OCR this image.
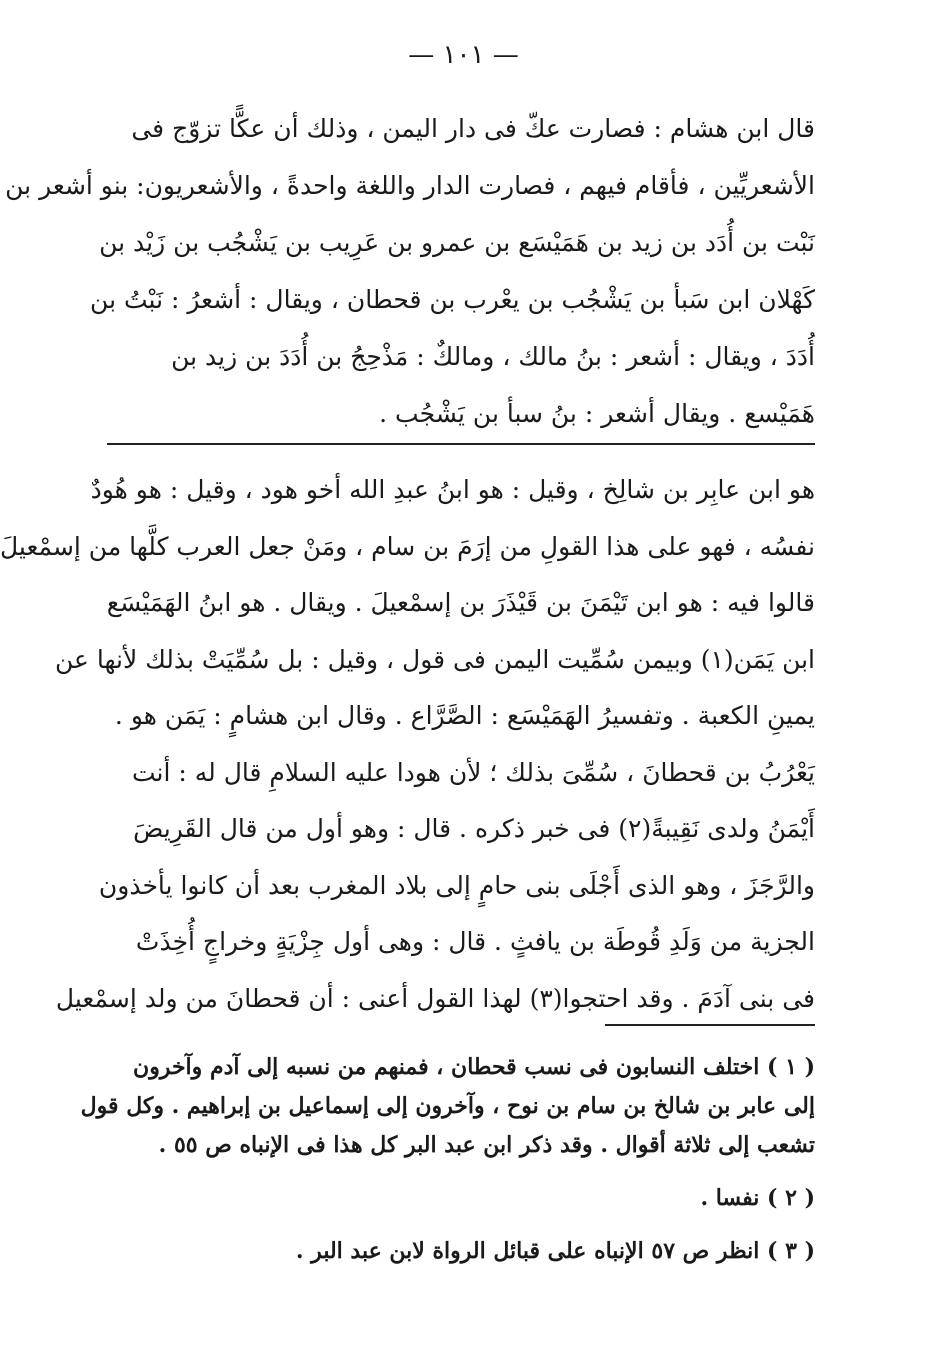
— ١٠١ —
قال ابن هشام : فصارت عكّ فى دار اليمن ، وذلك أن عكًّا تزوّج فى
الأشعريِّين ، فأقام فيهم ، فصارت الدار واللغة واحدةً ، والأشعريون: بنو أشعر بن
نَبْت بن أُدَد بن زيد بن هَمَيْسَع بن عمرو بن عَرِيب بن يَشْجُب بن زَيْد بن
كَهْلان ابن سَبأ بن يَشْجُب بن يعْرب بن قحطان ، ويقال : أشعرُ : نَبْتُ بن
أُدَدَ ، ويقال : أشعر : بنُ مالك ، ومالكٌ : مَذْحِجُ بن أُدَدَ بن زيد بن
هَمَيْسع . ويقال أشعر : بنُ سبأ بن يَشْجُب .
هو ابن عابِر بن شالِخ ، وقيل : هو ابنُ عبدِ الله أخو هود ، وقيل : هو هُودٌ
نفسُه ، فهو على هذا القولِ من إرَمَ بن سام ، ومَنْ جعل العرب كلَّها من إسمْعيلَ
قالوا فيه : هو ابن تَيْمَنَ بن قَيْذَرَ بن إسمْعيلَ . ويقال . هو ابنُ الهَمَيْسَع
ابن يَمَن(١) وبيمن سُمِّيت اليمن فى قول ، وقيل : بل سُمِّيَتْ بذلك لأنها عن
يمينِ الكعبة . وتفسيرُ الهَمَيْسَع : الصَّرَّاع . وقال ابن هشامٍ : يَمَن هو .
يَعْرُبُ بن قحطانَ ، سُمِّىَ بذلك ؛ لأن هودا عليه السلامِ قال له : أنت
أَيْمَنُ ولدى نَقِيبةً(٢) فى خبر ذكره . قال : وهو أول من قال القَرِيضَ
والرَّجَزَ ، وهو الذى أَجْلَى بنى حامٍ إلى بلاد المغرب بعد أن كانوا يأخذون
الجزية من وَلَدِ قُوطَة بن يافثٍ . قال : وهى أول جِزْيَةٍ وخراجٍ أُخِذَتْ
فى بنى آدَمَ . وقد احتجوا(٣) لهذا القول أعنى : أن قحطانَ من ولد إسمْعيل
( ١ ) اختلف النسابون فى نسب قحطان ، فمنهم من نسبه إلى آدم وآخرون
إلى عابر بن شالخ بن سام بن نوح ، وآخرون إلى إسماعيل بن إبراهيم . وكل قول
تشعب إلى ثلاثة أقوال . وقد ذكر ابن عبد البر كل هذا فى الإنباه ص ٥٥ .
( ٢ ) نفسا .
( ٣ ) انظر ص ٥٧ الإنباه على قبائل الرواة لابن عبد البر .
